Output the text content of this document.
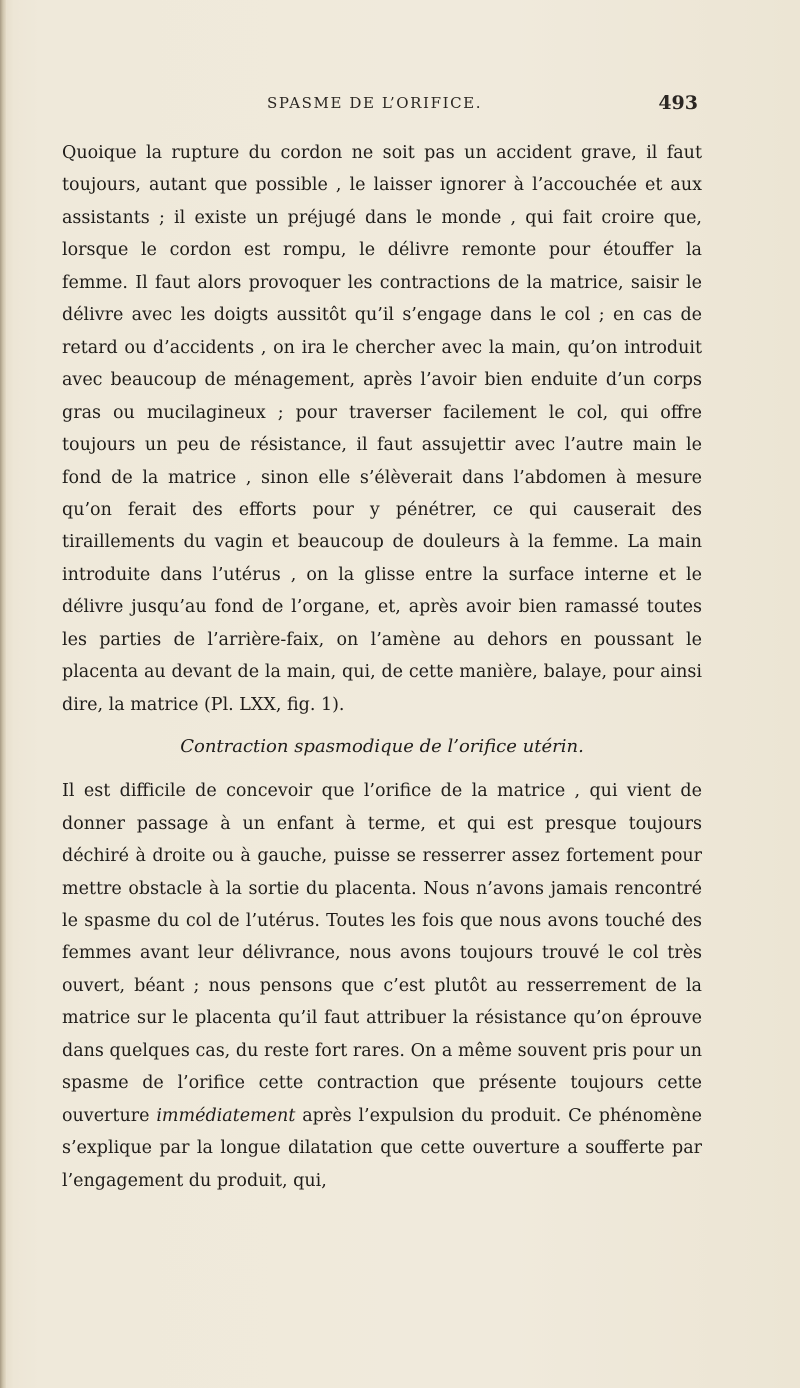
SPASME DE L’ORIFICE.	493

Quoique la rupture du cordon ne soit pas un accident grave, il faut toujours, autant que possible , le laisser ignorer à l’accouchée et aux assistants ; il existe un préjugé dans le monde , qui fait croire que, lorsque le cordon est rompu, le délivre remonte pour étouffer la femme. Il faut alors provoquer les contractions de la matrice, saisir le délivre avec les doigts aussitôt qu’il s’engage dans le col ; en cas de retard ou d’accidents , on ira le chercher avec la main, qu’on introduit avec beaucoup de ménagement, après l’avoir bien enduite d’un corps gras ou mucilagineux ; pour traverser facilement le col, qui offre toujours un peu de résistance, il faut assujettir avec l’autre main le fond de la matrice , sinon elle s’élèverait dans l’abdomen à mesure qu’on ferait des efforts pour y pénétrer, ce qui causerait des tiraillements du vagin et beaucoup de douleurs à la femme. La main introduite dans l’utérus , on la glisse entre la surface interne et le délivre jusqu’au fond de l’organe, et, après avoir bien ramassé toutes les parties de l’arrière-faix, on l’amène au dehors en poussant le placenta au devant de la main, qui, de cette manière, balaye, pour ainsi dire, la matrice (Pl. LXX, fig. 1).

Contraction spasmodique de l’orifice utérin.

Il est difficile de concevoir que l’orifice de la matrice , qui vient de donner passage à un enfant à terme, et qui est presque toujours déchiré à droite ou à gauche, puisse se resserrer assez fortement pour mettre obstacle à la sortie du placenta. Nous n’avons jamais rencontré le spasme du col de l’utérus. Toutes les fois que nous avons touché des femmes avant leur délivrance, nous avons toujours trouvé le col très ouvert, béant ; nous pensons que c’est plutôt au resserrement de la matrice sur le placenta qu’il faut attribuer la résistance qu’on éprouve dans quelques cas, du reste fort rares. On a même souvent pris pour un spasme de l’orifice cette contraction que présente toujours cette ouverture immédiatement après l’expulsion du produit. Ce phénomène s’explique par la longue dilatation que cette ouverture a soufferte par l’engagement du produit, qui,
